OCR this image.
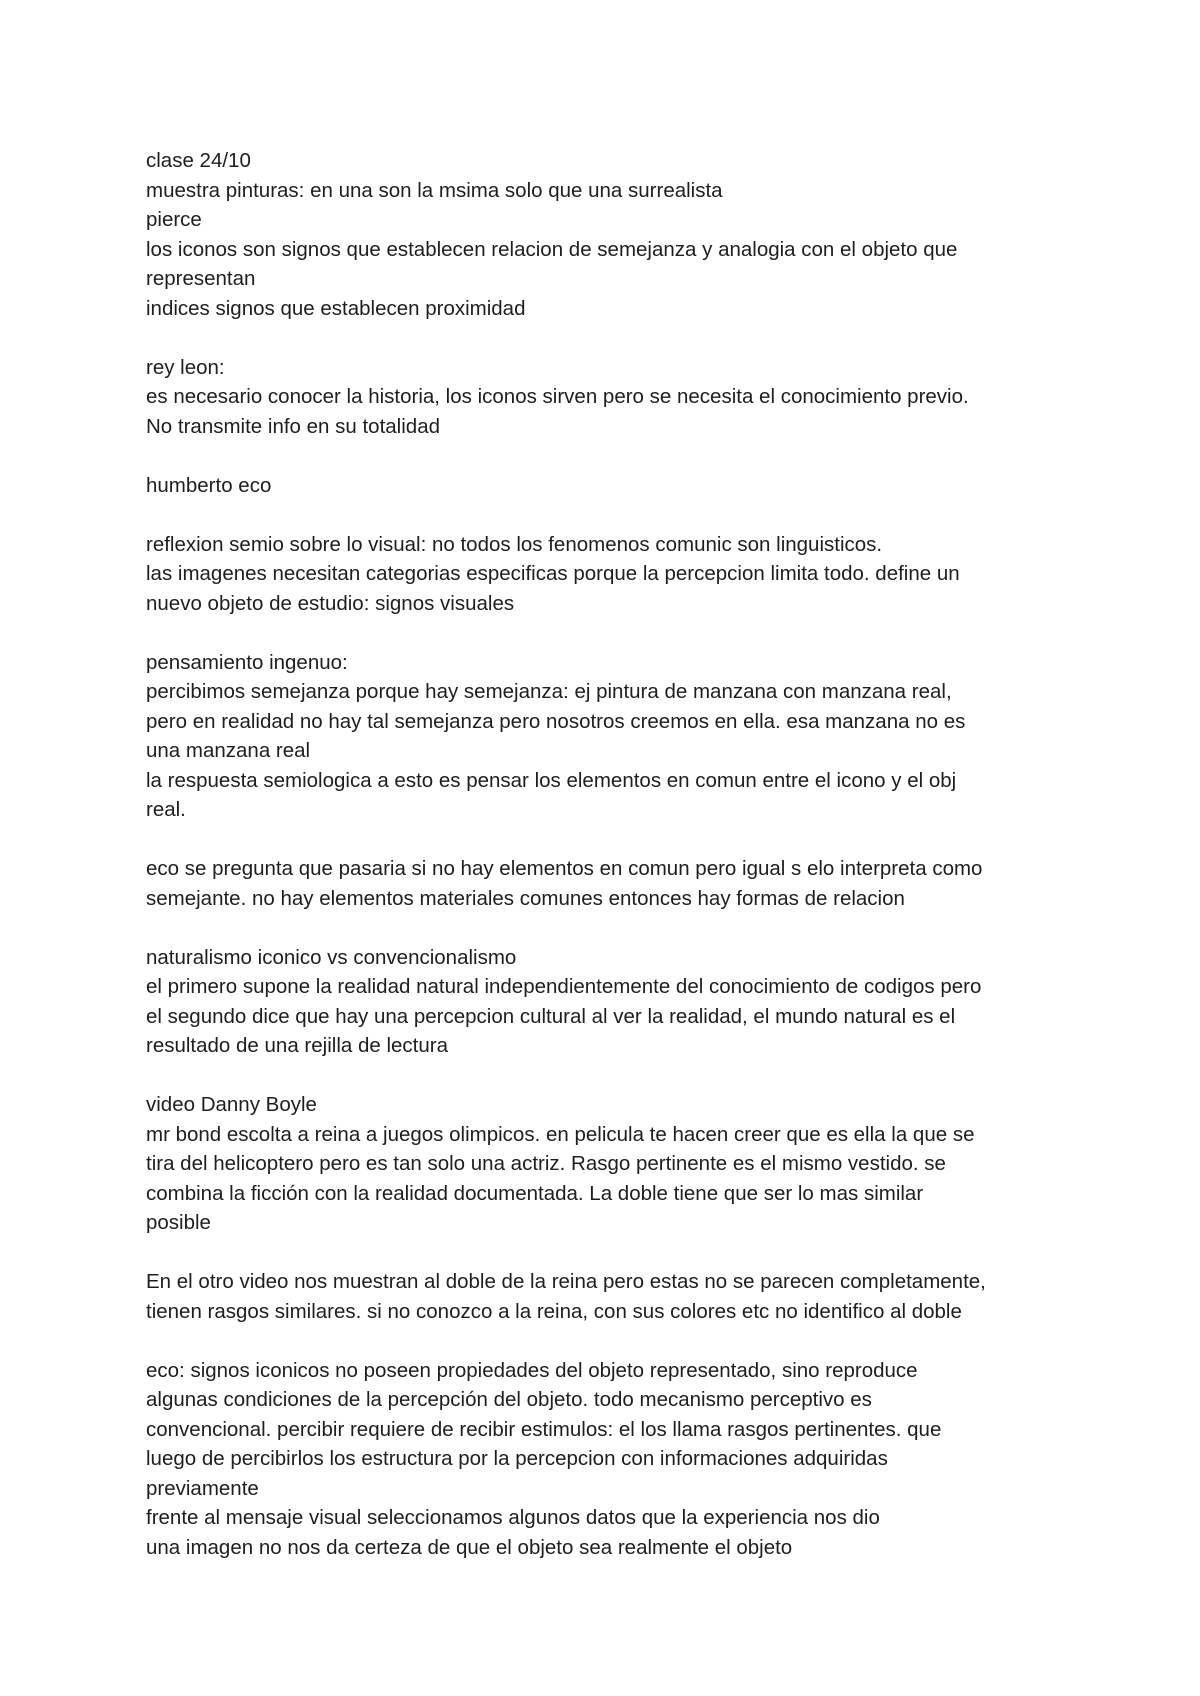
clase 24/10
muestra pinturas: en una son la msima solo que una surrealista
pierce
los iconos son signos que establecen relacion de semejanza y analogia con el objeto que
representan
indices signos que establecen proximidad
rey leon:
es necesario conocer la historia, los iconos sirven pero se necesita el conocimiento previo.
No transmite info en su totalidad
humberto eco
reflexion semio sobre lo visual: no todos los fenomenos comunic son linguisticos.
las imagenes necesitan categorias especificas porque la percepcion limita todo. define un
nuevo objeto de estudio: signos visuales
pensamiento ingenuo:
percibimos semejanza porque hay semejanza: ej pintura de manzana con manzana real,
pero en realidad no hay tal semejanza pero nosotros creemos en ella. esa manzana no es
una manzana real
la respuesta semiologica a esto es pensar los elementos en comun entre el icono y el obj
real.
eco se pregunta que pasaria si no hay elementos en comun pero igual s elo interpreta como
semejante. no hay elementos materiales comunes entonces hay formas de relacion
naturalismo iconico vs convencionalismo
el primero supone la realidad natural independientemente del conocimiento de codigos pero
el segundo dice que hay una percepcion cultural al ver la realidad, el mundo natural es el
resultado de una rejilla de lectura
video Danny Boyle
mr bond escolta a reina a juegos olimpicos. en pelicula te hacen creer que es ella la que se
tira del helicoptero pero es tan solo una actriz. Rasgo pertinente es el mismo vestido. se
combina la ficción con la realidad documentada. La doble tiene que ser lo mas similar
posible
En el otro video nos muestran al doble de la reina pero estas no se parecen completamente,
tienen rasgos similares. si no conozco a la reina, con sus colores etc no identifico al doble
eco: signos iconicos no poseen propiedades del objeto representado, sino reproduce
algunas condiciones de la percepción del objeto. todo mecanismo perceptivo es
convencional. percibir requiere de recibir estimulos: el los llama rasgos pertinentes. que
luego de percibirlos los estructura por la percepcion con informaciones adquiridas
previamente
frente al mensaje visual seleccionamos algunos datos que la experiencia nos dio
una imagen no nos da certeza de que el objeto sea realmente el objeto
